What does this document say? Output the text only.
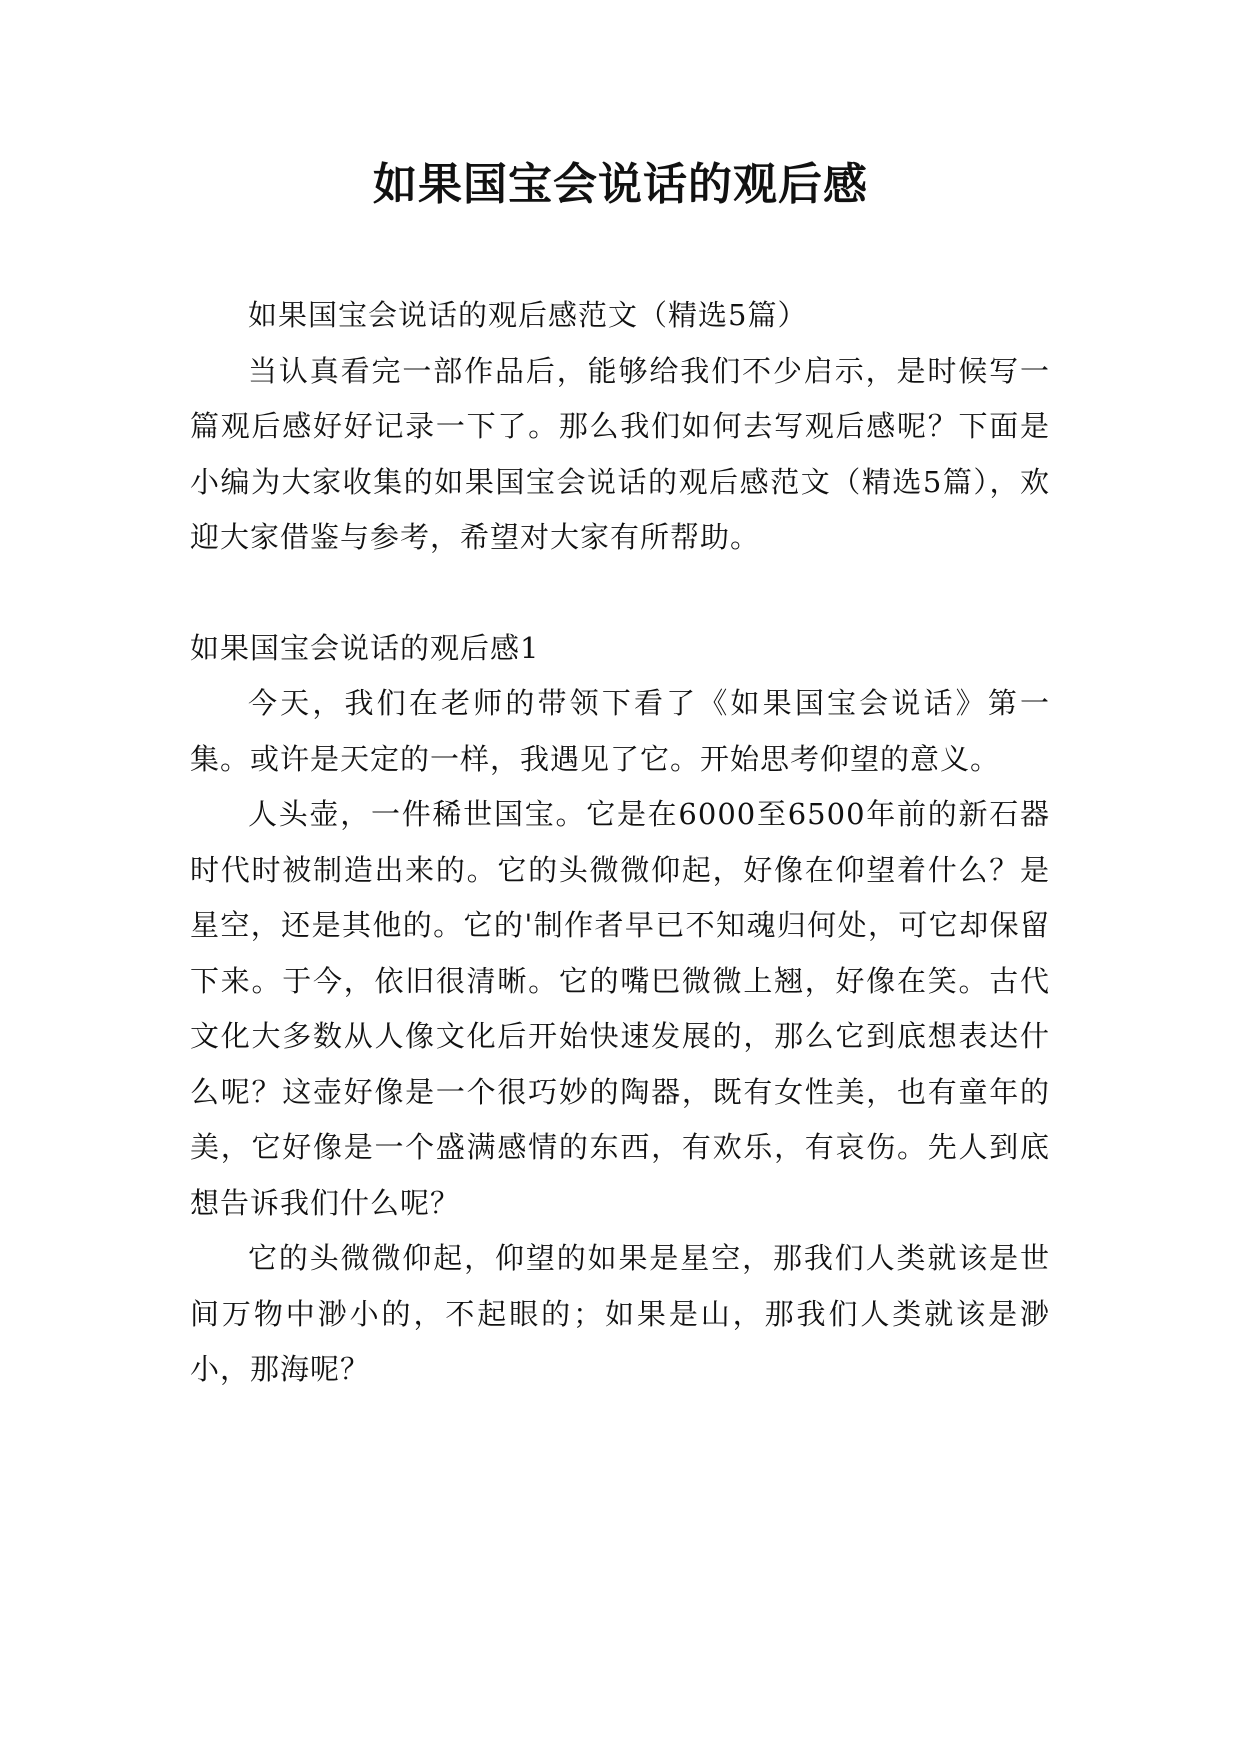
如果国宝会说话的观后感

如果国宝会说话的观后感范文（精选5篇）

当认真看完一部作品后，能够给我们不少启示，是时候写一篇观后感好好记录一下了。那么我们如何去写观后感呢？下面是小编为大家收集的如果国宝会说话的观后感范文（精选5篇），欢迎大家借鉴与参考，希望对大家有所帮助。

如果国宝会说话的观后感1

今天，我们在老师的带领下看了《如果国宝会说话》第一集。或许是天定的一样，我遇见了它。开始思考仰望的意义。

人头壶，一件稀世国宝。它是在6000至6500年前的新石器时代时被制造出来的。它的头微微仰起，好像在仰望着什么？是星空，还是其他的。它的'制作者早已不知魂归何处，可它却保留下来。于今，依旧很清晰。它的嘴巴微微上翘，好像在笑。古代文化大多数从人像文化后开始快速发展的，那么它到底想表达什么呢？这壶好像是一个很巧妙的陶器，既有女性美，也有童年的美，它好像是一个盛满感情的东西，有欢乐，有哀伤。先人到底想告诉我们什么呢？

它的头微微仰起，仰望的如果是星空，那我们人类就该是世间万物中渺小的，不起眼的；如果是山，那我们人类就该是渺小，那海呢？
